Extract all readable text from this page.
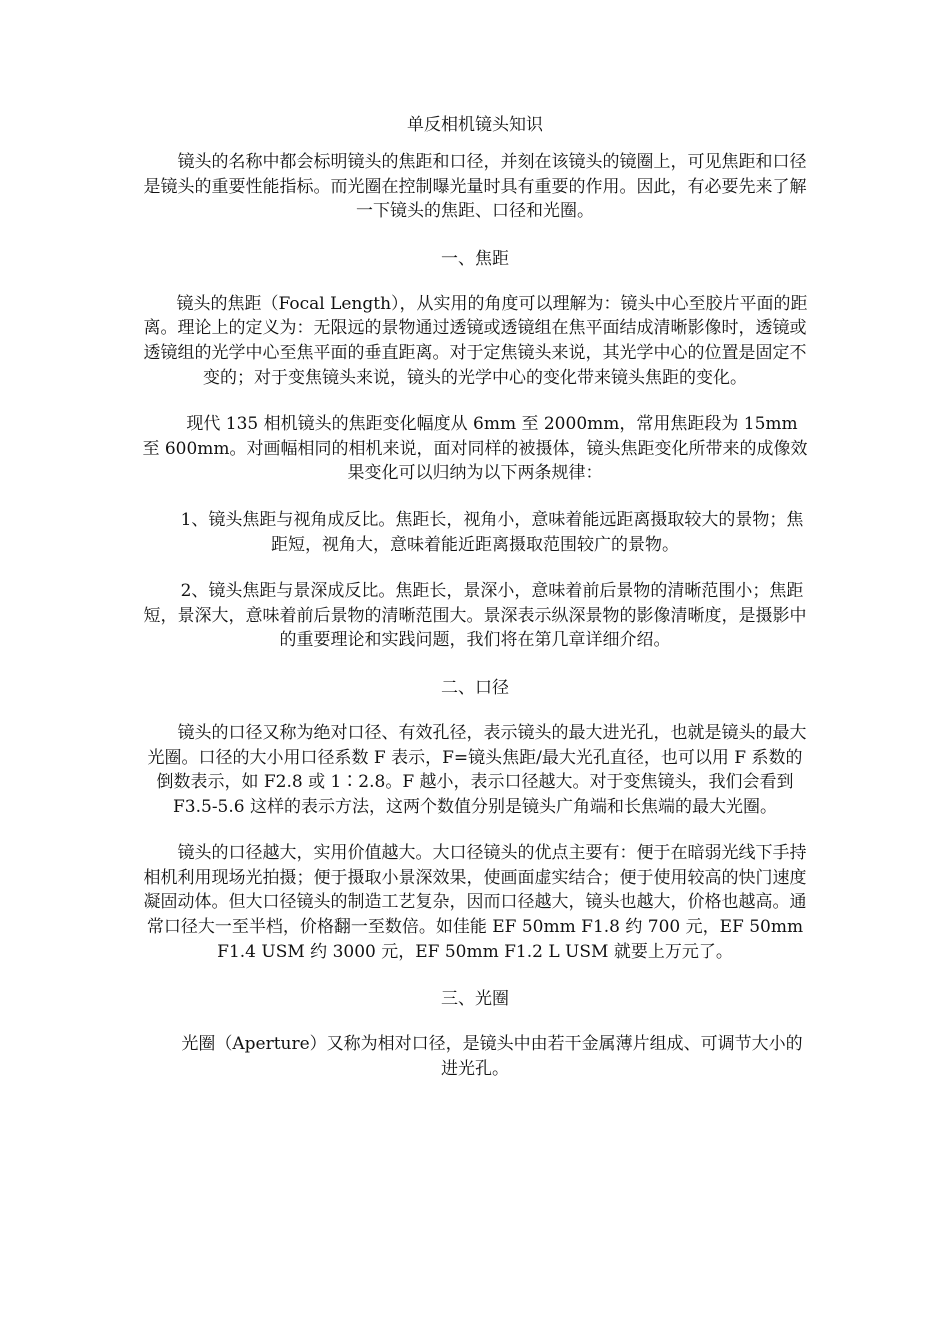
单反相机镜头知识

　　镜头的名称中都会标明镜头的焦距和口径，并刻在该镜头的镜圈上，可见焦距和口径是镜头的重要性能指标。而光圈在控制曝光量时具有重要的作用。因此，有必要先来了解一下镜头的焦距、口径和光圈。

一、焦距

　　镜头的焦距（Focal Length），从实用的角度可以理解为：镜头中心至胶片平面的距离。理论上的定义为：无限远的景物通过透镜或透镜组在焦平面结成清晰影像时，透镜或透镜组的光学中心至焦平面的垂直距离。对于定焦镜头来说，其光学中心的位置是固定不变的；对于变焦镜头来说，镜头的光学中心的变化带来镜头焦距的变化。

　　现代 135 相机镜头的焦距变化幅度从 6mm 至 2000mm，常用焦距段为 15mm 至 600mm。对画幅相同的相机来说，面对同样的被摄体，镜头焦距变化所带来的成像效果变化可以归纳为以下两条规律：

　　1、镜头焦距与视角成反比。焦距长，视角小，意味着能远距离摄取较大的景物；焦距短，视角大，意味着能近距离摄取范围较广的景物。

　　2、镜头焦距与景深成反比。焦距长，景深小，意味着前后景物的清晰范围小；焦距短，景深大，意味着前后景物的清晰范围大。景深表示纵深景物的影像清晰度，是摄影中的重要理论和实践问题，我们将在第几章详细介绍。

二、口径

　　镜头的口径又称为绝对口径、有效孔径，表示镜头的最大进光孔，也就是镜头的最大光圈。口径的大小用口径系数 F 表示，F=镜头焦距/最大光孔直径，也可以用 F 系数的倒数表示，如 F2.8 或 1∶2.8。F 越小，表示口径越大。对于变焦镜头，我们会看到 F3.5-5.6 这样的表示方法，这两个数值分别是镜头广角端和长焦端的最大光圈。

　　镜头的口径越大，实用价值越大。大口径镜头的优点主要有：便于在暗弱光线下手持相机利用现场光拍摄；便于摄取小景深效果，使画面虚实结合；便于使用较高的快门速度凝固动体。但大口径镜头的制造工艺复杂，因而口径越大，镜头也越大，价格也越高。通常口径大一至半档，价格翻一至数倍。如佳能 EF 50mm F1.8 约 700 元，EF 50mm F1.4 USM 约 3000 元，EF 50mm F1.2 L USM 就要上万元了。

三、光圈

　　光圈（Aperture）又称为相对口径，是镜头中由若干金属薄片组成、可调节大小的进光孔。
